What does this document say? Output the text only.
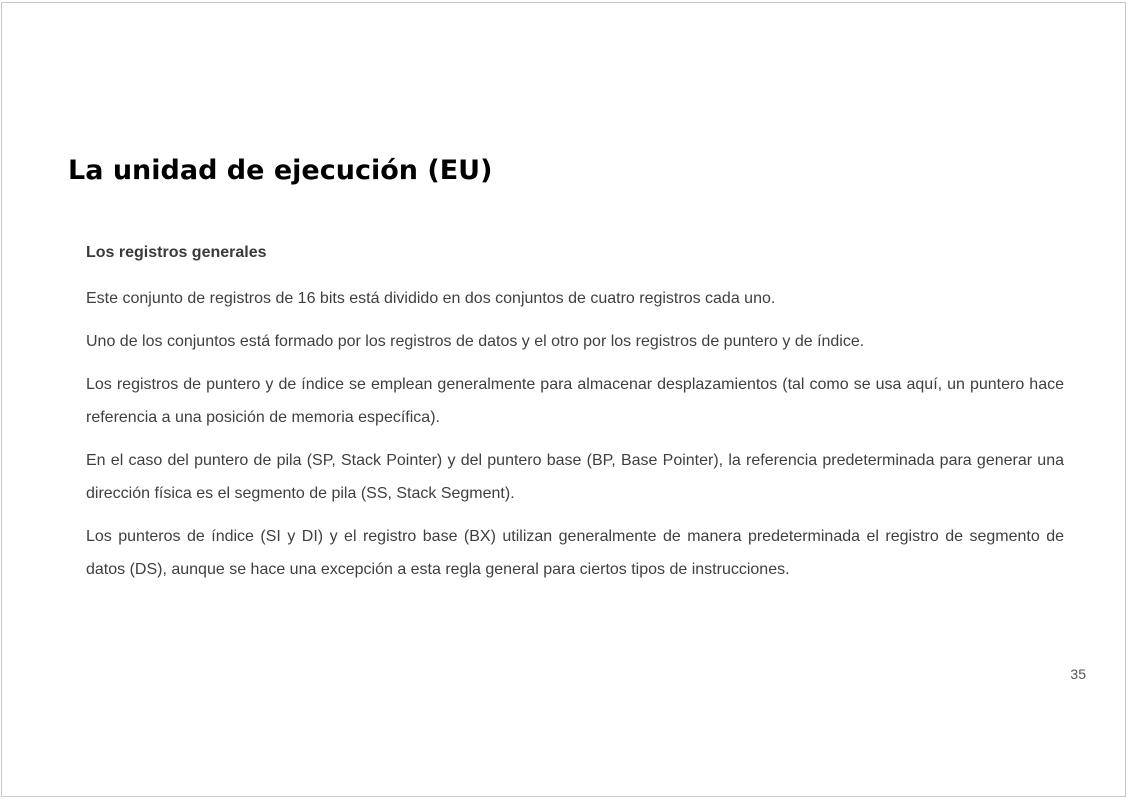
La unidad de ejecución (EU)

Los registros generales

Este conjunto de registros de 16 bits está dividido en dos conjuntos de cuatro registros cada uno.

Uno de los conjuntos está formado por los registros de datos y el otro por los registros de puntero y de índice.

Los registros de puntero y de índice se emplean generalmente para almacenar desplazamientos (tal como se usa aquí, un puntero hace referencia a una posición de memoria específica).

En el caso del puntero de pila (SP, Stack Pointer) y del puntero base (BP, Base Pointer), la referencia predeterminada para generar una dirección física es el segmento de pila (SS, Stack Segment).

Los punteros de índice (SI y DI) y el registro base (BX) utilizan generalmente de manera predeterminada el registro de segmento de datos (DS), aunque se hace una excepción a esta regla general para ciertos tipos de instrucciones.

35
